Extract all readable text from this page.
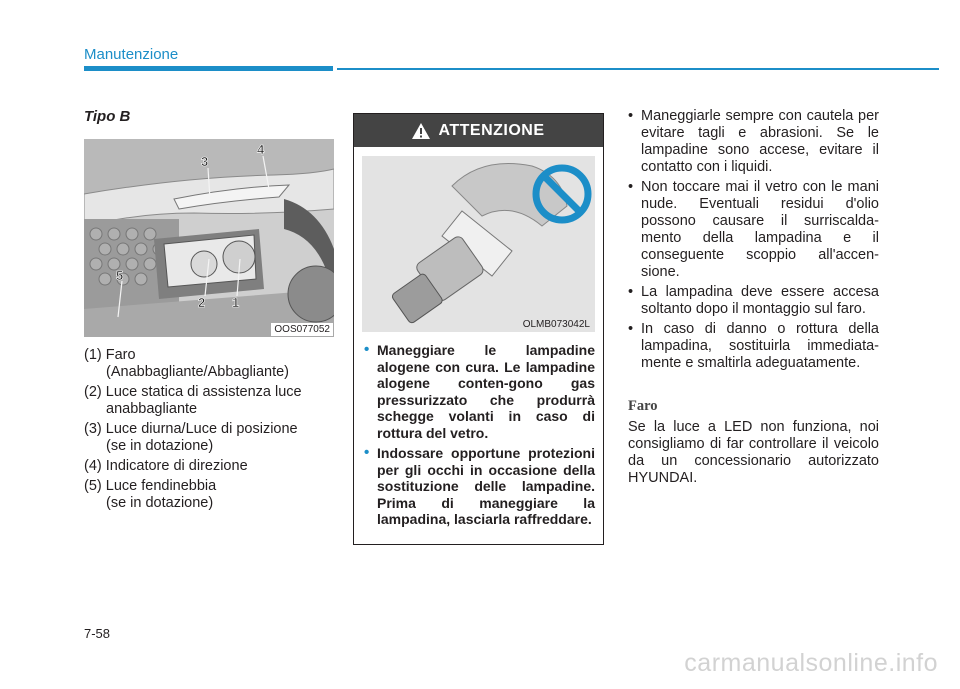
Manutenzione

Tipo B

3
4
5
2 1
OOS077052
(1) Faro
(Anabbagliante/Abbagliante)
(2) Luce statica di assistenza luce
anabbagliante
(3) Luce diurna/Luce di posizione
(se in dotazione)
(4) Indicatore di direzione
(5) Luce fendinebbia
(se in dotazione)
ATTENZIONE
OLMB073042L
• Maneggiare le lampadine alogene con cura. Le lampadine alogene conten-gono gas pressurizzato che produrrà schegge volanti in caso di rottura del vetro.
• Indossare opportune protezioni per gli occhi in occasione della sostituzione delle lampadine. Prima di maneggiare la lampadina, lasciarla raffreddare.
• Maneggiarle sempre con cautela per evitare tagli e abrasioni. Se le lampadine sono accese, evitare il contatto con i liquidi.
• Non toccare mai il vetro con le mani nude. Eventuali residui d'olio possono causare il surriscalda-mento della lampadina e il conseguente scoppio all'accen-sione.
• La lampadina deve essere accesa soltanto dopo il montaggio sul faro.
• In caso di danno o rottura della lampadina, sostituirla immediata-mente e smaltirla adeguatamente.

Faro

Se la luce a LED non funziona, noi consigliamo di far controllare il veicolo da un concessionario autorizzato HYUNDAI.

7-58
carmanualsonline.info
